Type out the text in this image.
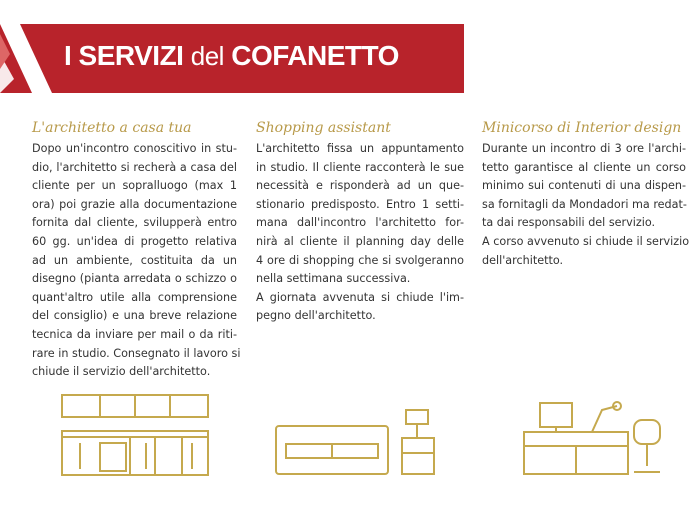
I SERVIZI del COFANETTO
L'architetto a casa tua
Dopo un'incontro conoscitivo in stu-
dio, l'architetto si recherà a casa del
cliente per un sopralluogo (max 1
ora) poi grazie alla documentazione
fornita dal cliente, svilupperà entro
60 gg. un'idea di progetto relativa
ad un ambiente, costituita da un
disegno (pianta arredata o schizzo o
quant'altro utile alla comprensione
del consiglio) e una breve relazione
tecnica da inviare per mail o da riti-
rare in studio. Consegnato il lavoro si
chiude il servizio dell'architetto.
Shopping assistant
L'architetto fissa un appuntamento
in studio. Il cliente racconterà le sue
necessità e risponderà ad un que-
stionario predisposto. Entro 1 setti-
mana dall'incontro l'architetto for-
nirà al cliente il planning day delle
4 ore di shopping che si svolgeranno
nella settimana successiva.
A giornata avvenuta si chiude l'im-
pegno dell'architetto.
Minicorso di Interior design
Durante un incontro di 3 ore l'archi-
tetto garantisce al cliente un corso
minimo sui contenuti di una dispen-
sa fornitagli da Mondadori ma redat-
ta dai responsabili del servizio.
A corso avvenuto si chiude il servizio
dell'architetto.
